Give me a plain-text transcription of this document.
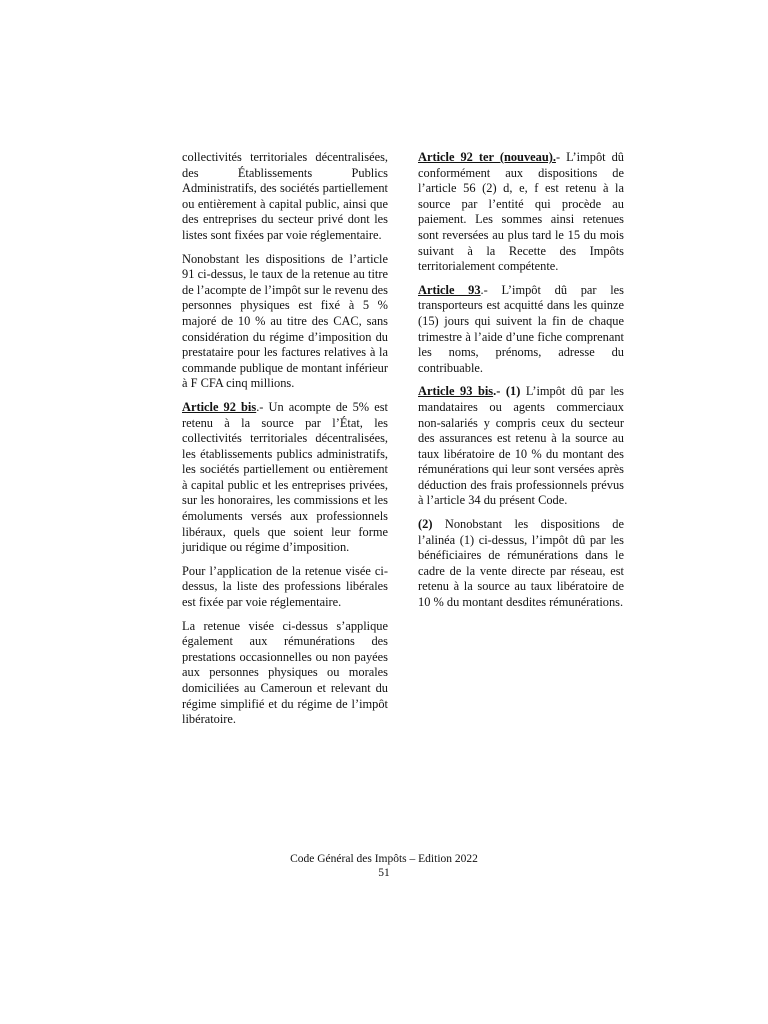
collectivités territoriales décentralisées, des Établissements Publics Administratifs, des sociétés partiellement ou entièrement à capital public, ainsi que des entreprises du secteur privé dont les listes sont fixées par voie réglementaire.

Nonobstant les dispositions de l’article 91 ci-dessus, le taux de la retenue au titre de l’acompte de l’impôt sur le revenu des personnes physiques est fixé à 5 % majoré de 10 % au titre des CAC, sans considération du régime d’imposition du prestataire pour les factures relatives à la commande publique de montant inférieur à F CFA cinq millions.

Article 92 bis.- Un acompte de 5% est retenu à la source par l’État, les collectivités territoriales décentralisées, les établissements publics administratifs, les sociétés partiellement ou entièrement à capital public et les entreprises privées, sur les honoraires, les commissions et les émoluments versés aux professionnels libéraux, quels que soient leur forme juridique ou régime d’imposition.

Pour l’application de la retenue visée ci-dessus, la liste des professions libérales est fixée par voie réglementaire.

La retenue visée ci-dessus s’applique également aux rémunérations des prestations occasionnelles ou non payées aux personnes physiques ou morales domiciliées au Cameroun et relevant du régime simplifié et du régime de l’impôt libératoire.

Article 92 ter (nouveau).- L’impôt dû conformément aux dispositions de l’article 56 (2) d, e, f est retenu à la source par l’entité qui procède au paiement. Les sommes ainsi retenues sont reversées au plus tard le 15 du mois suivant à la Recette des Impôts territorialement compétente.

Article 93.- L’impôt dû par les transporteurs est acquitté dans les quinze (15) jours qui suivent la fin de chaque trimestre à l’aide d’une fiche comprenant les noms, prénoms, adresse du contribuable.

Article 93 bis.- (1) L’impôt dû par les mandataires ou agents commerciaux non-salariés y compris ceux du secteur des assurances est retenu à la source au taux libératoire de 10 % du montant des rémunérations qui leur sont versées après déduction des frais professionnels prévus à l’article 34 du présent Code.

(2) Nonobstant les dispositions de l’alinéa (1) ci-dessus, l’impôt dû par les bénéficiaires de rémunérations dans le cadre de la vente directe par réseau, est retenu à la source au taux libératoire de 10 % du montant desdites rémunérations.

Code Général des Impôts – Edition 2022
51
